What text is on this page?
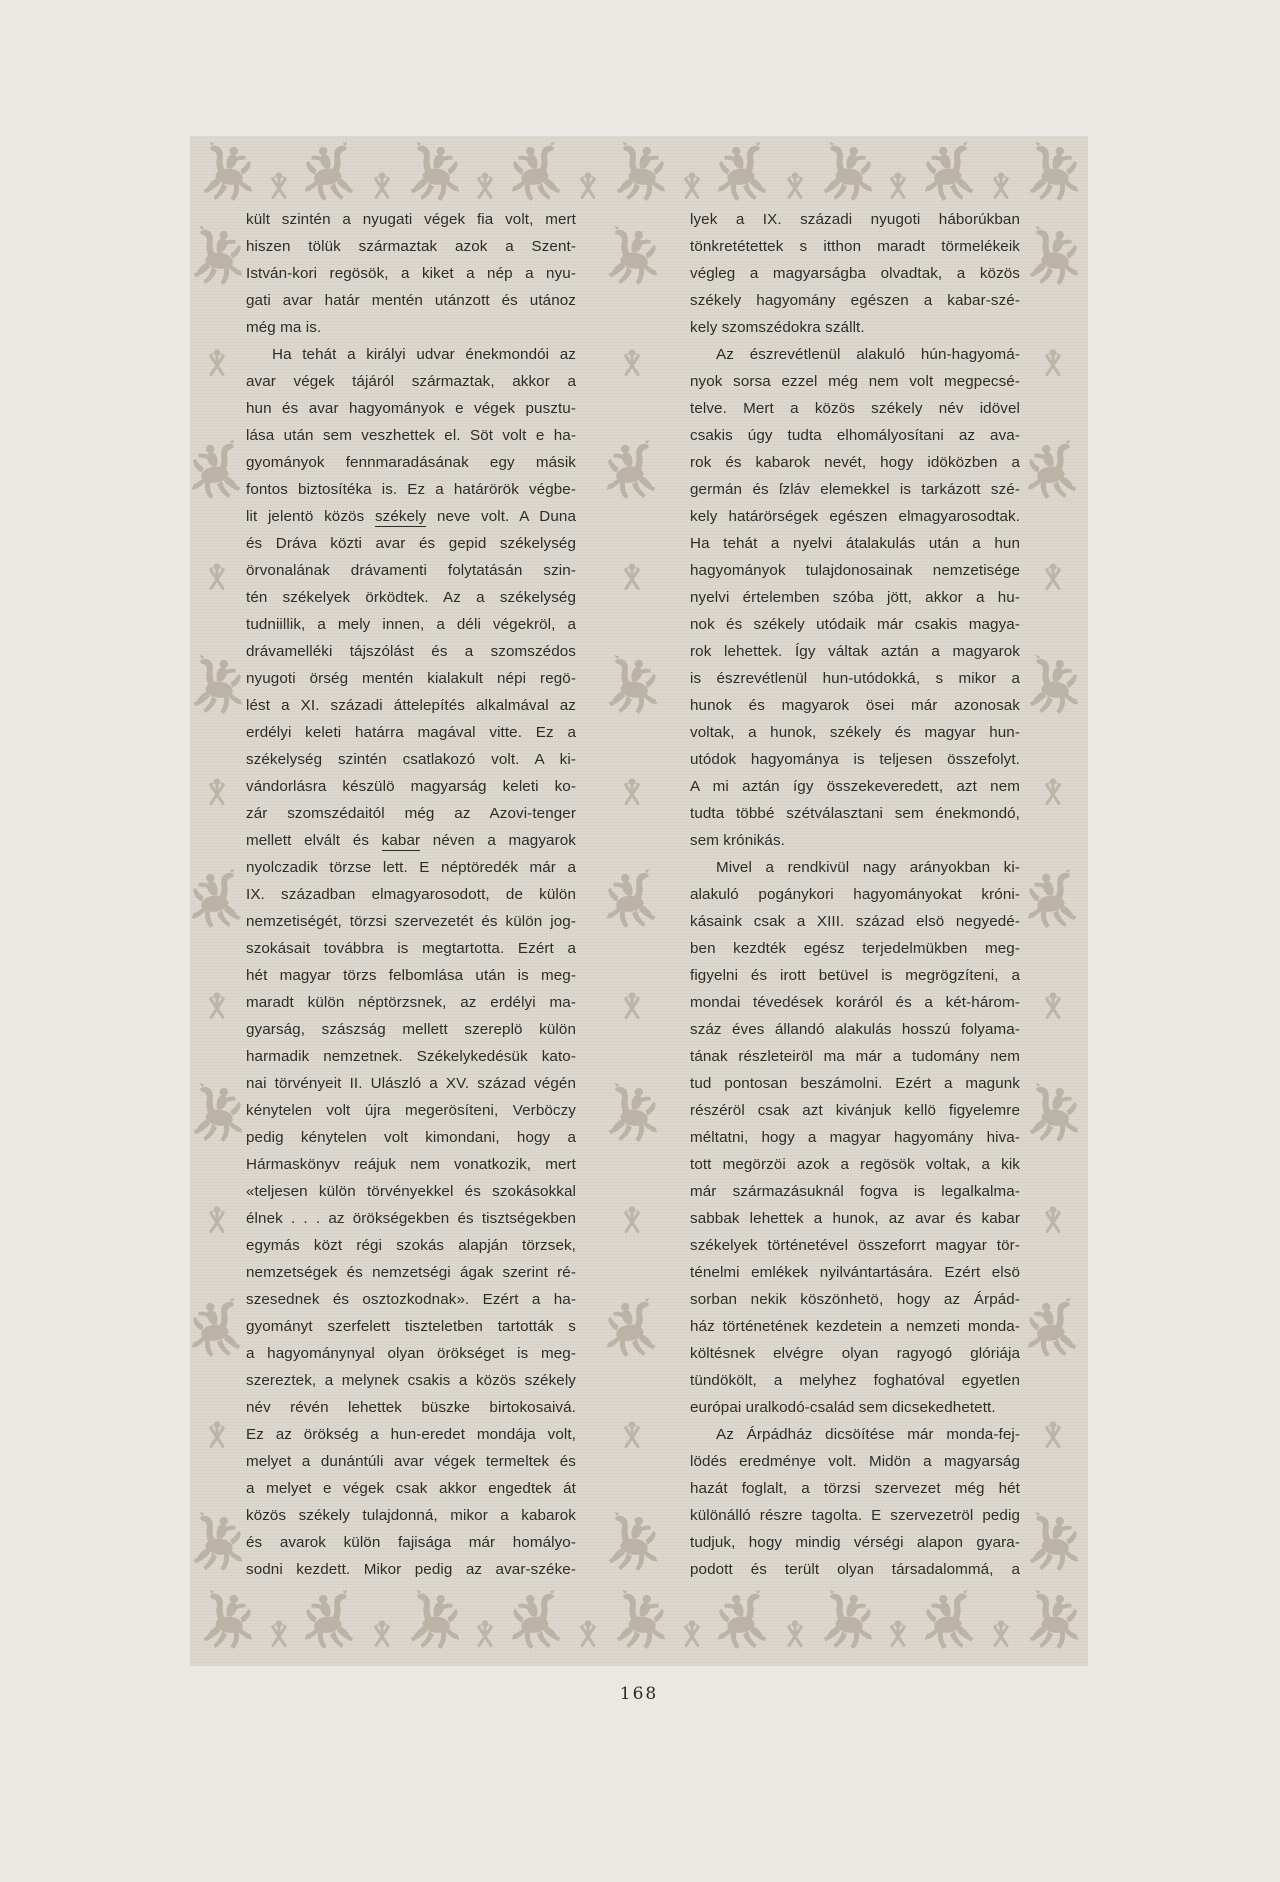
kült szintén a nyugati végek fia volt, mert
hiszen tölük származtak azok a Szent-
István-kori regösök, a kiket a nép a nyu-
gati avar határ mentén utánzott és utánoz
még ma is.
Ha tehát a királyi udvar énekmondói az
avar végek tájáról származtak, akkor a
hun és avar hagyományok e végek pusztu-
lása után sem veszhettek el. Söt volt e ha-
gyományok fennmaradásának egy másik
fontos biztosítéka is. Ez a határörök végbe-
lit jelentö közös székely neve volt. A Duna
és Dráva közti avar és gepid székelység
örvonalának drávamenti folytatásán szin-
tén székelyek örködtek. Az a székelység
tudniillik, a mely innen, a déli végekröl, a
drávamelléki tájszólást és a szomszédos
nyugoti örség mentén kialakult népi regö-
lést a XI. századi áttelepítés alkalmával az
erdélyi keleti határra magával vitte. Ez a
székelység szintén csatlakozó volt. A ki-
vándorlásra készülö magyarság keleti ko-
zár szomszédaitól még az Azovi-tenger
mellett elvált és kabar néven a magyarok
nyolczadik törzse lett. E néptöredék már a
IX. században elmagyarosodott, de külön
nemzetiségét, törzsi szervezetét és külön jog-
szokásait továbbra is megtartotta. Ezért a
hét magyar törzs felbomlása után is meg-
maradt külön néptörzsnek, az erdélyi ma-
gyarság, szászság mellett szereplö külön
harmadik nemzetnek. Székelykedésük kato-
nai törvényeit II. Ulászló a XV. század végén
kénytelen volt újra megerösíteni, Verböczy
pedig kénytelen volt kimondani, hogy a
Hármaskönyv reájuk nem vonatkozik, mert
«teljesen külön törvényekkel és szokásokkal
élnek . . . az örökségekben és tisztségekben
egymás közt régi szokás alapján törzsek,
nemzetségek és nemzetségi ágak szerint ré-
szesednek és osztozkodnak». Ezért a ha-
gyományt szerfelett tiszteletben tartották s
a hagyománynyal olyan örökséget is meg-
szereztek, a melynek csakis a közös székely
név révén lehettek büszke birtokosaivá.
Ez az örökség a hun-eredet mondája volt,
melyet a dunántúli avar végek termeltek és
a melyet e végek csak akkor engedtek át
közös székely tulajdonná, mikor a kabarok
és avarok külön fajisága már homályo-
sodni kezdett. Mikor pedig az avar-széke-
lyek a IX. századi nyugoti háborúkban
tönkretétettek s itthon maradt törmelékeik
végleg a magyarságba olvadtak, a közös
székely hagyomány egészen a kabar-szé-
kely szomszédokra szállt.
Az észrevétlenül alakuló hún-hagyomá-
nyok sorsa ezzel még nem volt megpecsé-
telve. Mert a közös székely név idövel
csakis úgy tudta elhomályosítani az ava-
rok és kabarok nevét, hogy idöközben a
germán és ſzláv elemekkel is tarkázott szé-
kely határörségek egészen elmagyarosodtak.
Ha tehát a nyelvi átalakulás után a hun
hagyományok tulajdonosainak nemzetisége
nyelvi értelemben szóba jött, akkor a hu-
nok és székely utódaik már csakis magya-
rok lehettek. Így váltak aztán a magyarok
is észrevétlenül hun-utódokká, s mikor a
hunok és magyarok ösei már azonosak
voltak, a hunok, székely és magyar hun-
utódok hagyománya is teljesen összefolyt.
A mi aztán így összekeveredett, azt nem
tudta többé szétválasztani sem énekmondó,
sem krónikás.
Mivel a rendkivül nagy arányokban ki-
alakuló pogánykori hagyományokat króni-
kásaink csak a XIII. század elsö negyedé-
ben kezdték egész terjedelmükben meg-
figyelni és irott betüvel is megrögzíteni, a
mondai tévedések koráról és a két-három-
száz éves állandó alakulás hosszú folyama-
tának részleteiröl ma már a tudomány nem
tud pontosan beszámolni. Ezért a magunk
részéröl csak azt kivánjuk kellö figyelemre
méltatni, hogy a magyar hagyomány hiva-
tott megörzöi azok a regösök voltak, a kik
már származásuknál fogva is legalkalma-
sabbak lehettek a hunok, az avar és kabar
székelyek történetével összeforrt magyar tör-
ténelmi emlékek nyilvántartására. Ezért elsö
sorban nekik köszönhetö, hogy az Árpád-
ház történetének kezdetein a nemzeti monda-
költésnek elvégre olyan ragyogó glóriája
tündökölt, a melyhez foghatóval egyetlen
európai uralkodó-család sem dicsekedhetett.
Az Árpádház dicsöítése már monda-fej-
lödés eredménye volt. Midön a magyarság
hazát foglalt, a törzsi szervezet még hét
különálló részre tagolta. E szervezetröl pedig
tudjuk, hogy mindig vérségi alapon gyara-
podott és terült olyan társadalommá, a
168
